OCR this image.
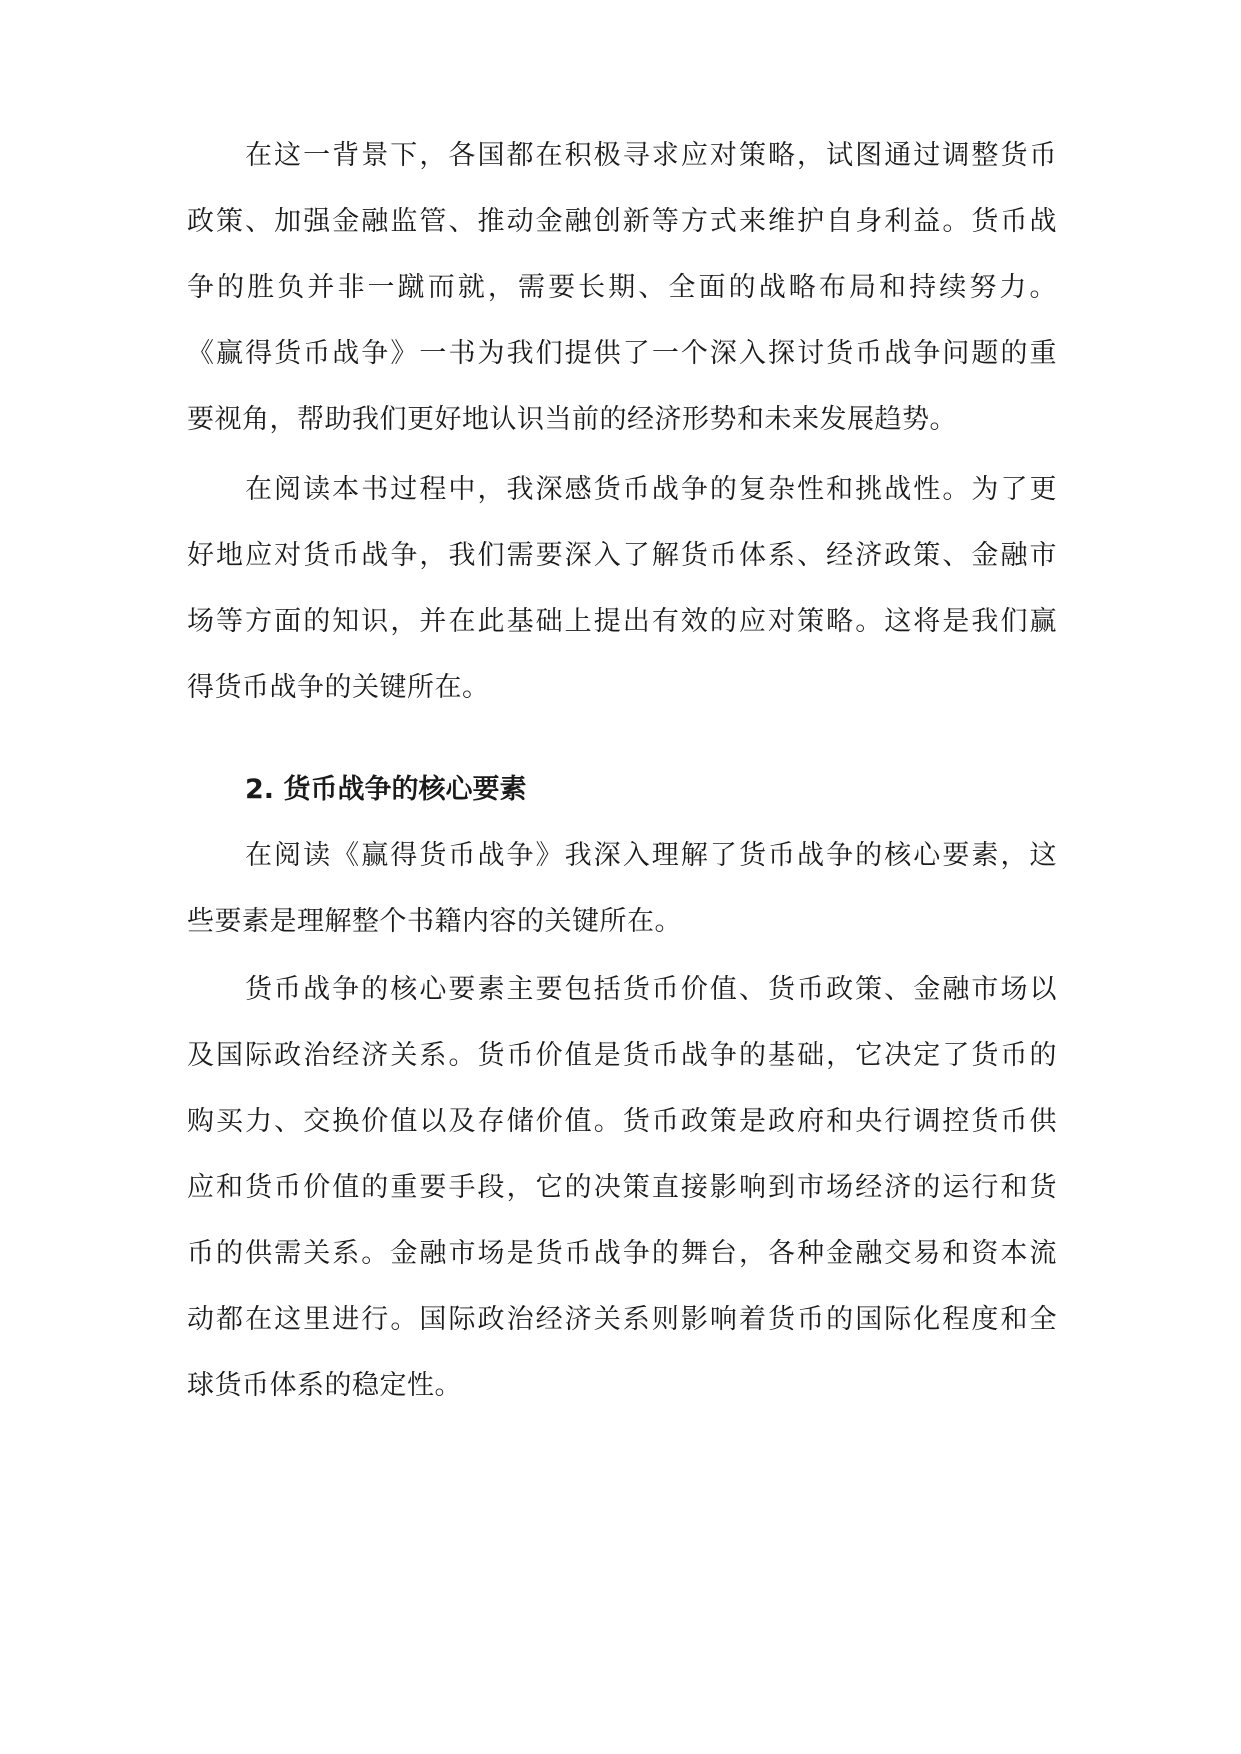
在这一背景下，各国都在积极寻求应对策略，试图通过调整货币
政策、加强金融监管、推动金融创新等方式来维护自身利益。货币战
争的胜负并非一蹴而就，需要长期、全面的战略布局和持续努力。
《赢得货币战争》一书为我们提供了一个深入探讨货币战争问题的重
要视角，帮助我们更好地认识当前的经济形势和未来发展趋势。
在阅读本书过程中，我深感货币战争的复杂性和挑战性。为了更
好地应对货币战争，我们需要深入了解货币体系、经济政策、金融市
场等方面的知识，并在此基础上提出有效的应对策略。这将是我们赢
得货币战争的关键所在。
2. 货币战争的核心要素
在阅读《赢得货币战争》我深入理解了货币战争的核心要素，这
些要素是理解整个书籍内容的关键所在。
货币战争的核心要素主要包括货币价值、货币政策、金融市场以
及国际政治经济关系。货币价值是货币战争的基础，它决定了货币的
购买力、交换价值以及存储价值。货币政策是政府和央行调控货币供
应和货币价值的重要手段，它的决策直接影响到市场经济的运行和货
币的供需关系。金融市场是货币战争的舞台，各种金融交易和资本流
动都在这里进行。国际政治经济关系则影响着货币的国际化程度和全
球货币体系的稳定性。
